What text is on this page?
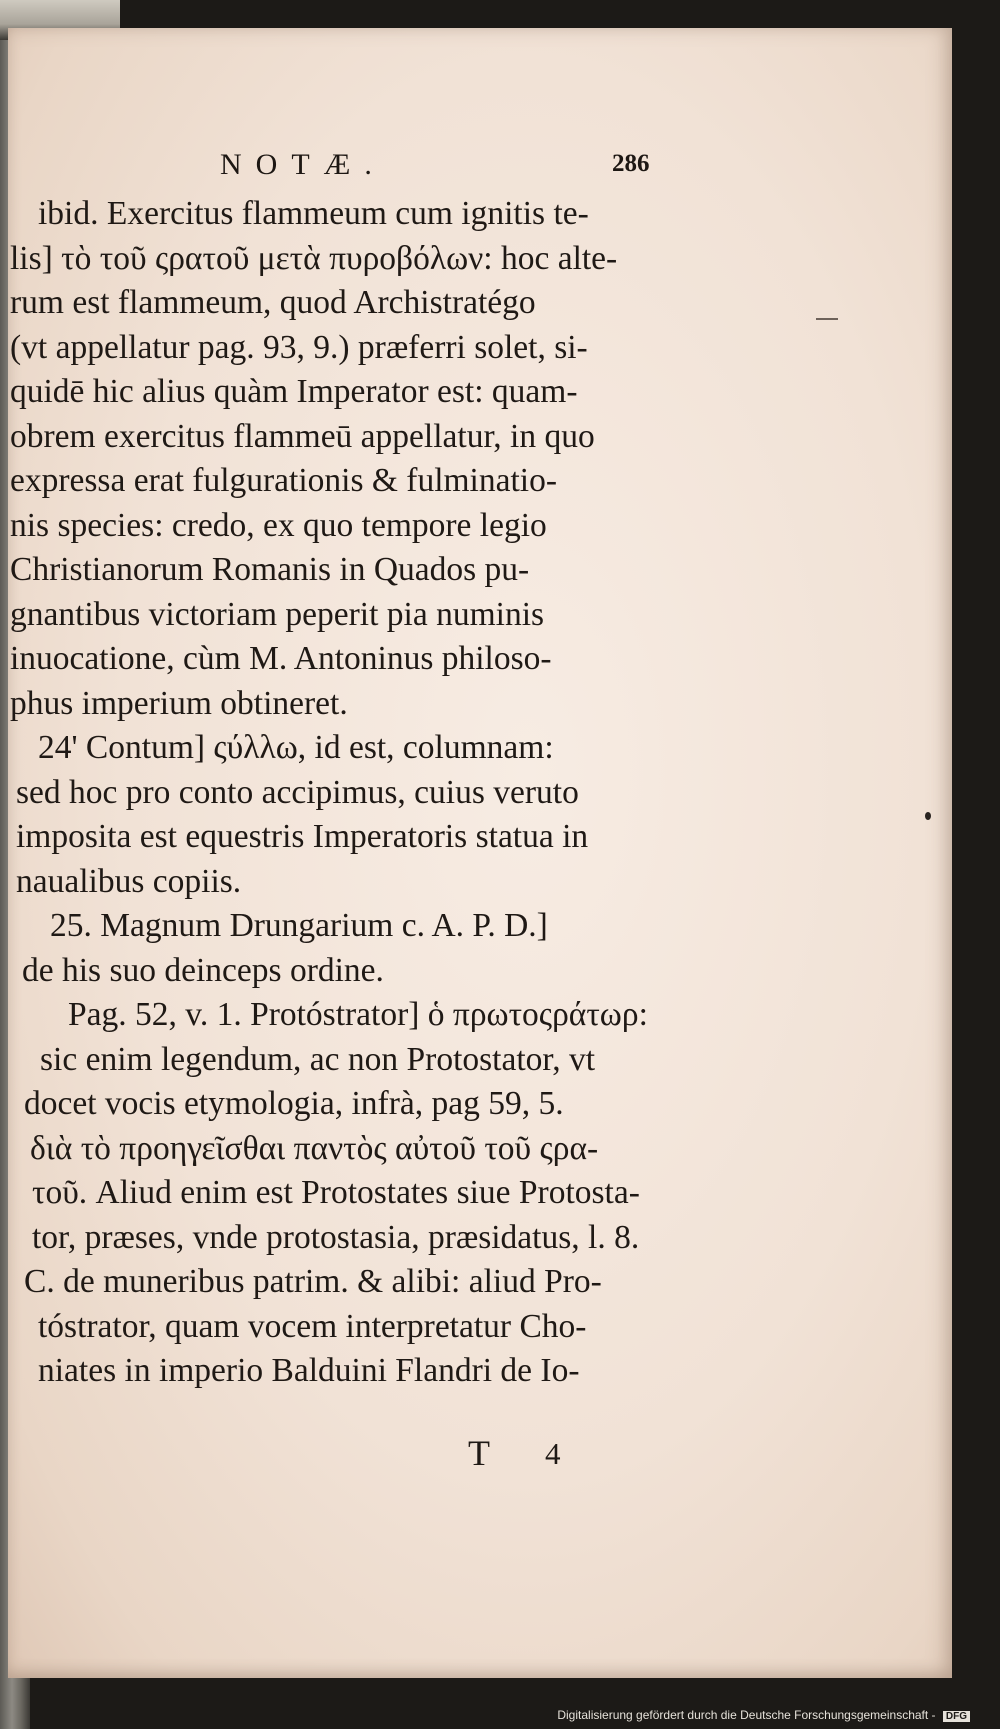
NOTÆ.	286
ibid. Exercitus flammeum cum ignitis te-
lis] τὸ τοῦ ςρατοῦ μετὰ πυροβόλων: hoc alte-
rum est flammeum, quod Archistratégo
(vt appellatur pag. 93, 9.) præferri solet, si-
quidē hic alius quàm Imperator est: quam-
obrem exercitus flammeū appellatur, in quo
expressa erat fulgurationis & fulminatio-
nis species: credo, ex quo tempore legio
Christianorum Romanis in Quados pu-
gnantibus victoriam peperit pia numinis
inuocatione, cùm M. Antoninus philoso-
phus imperium obtineret.
24' Contum] ςύλλω, id est, columnam:
sed hoc pro conto accipimus, cuius veruto
imposita est equestris Imperatoris statua in
naualibus copiis.
25. Magnum Drungarium c. A. P. D.]
de his suo deinceps ordine.
Pag. 52, v. 1. Protóstrator] ὁ πρωτοςράτωρ:
sic enim legendum, ac non Protostator, vt
docet vocis etymologia, infrà, pag 59, 5.
διὰ τὸ προηγεῖσθαι παντὸς αὐτοῦ τοῦ ςρα-
τοῦ. Aliud enim est Protostates siue Protosta-
tor, præses, vnde protostasia, præsidatus, l. 8.
C. de muneribus patrim. & alibi: aliud Pro-
tóstrator, quam vocem interpretatur Cho-
niates in imperio Balduini Flandri de Io-
T 4
Digitalisierung gefördert durch die Deutsche Forschungsgemeinschaft - DFG
